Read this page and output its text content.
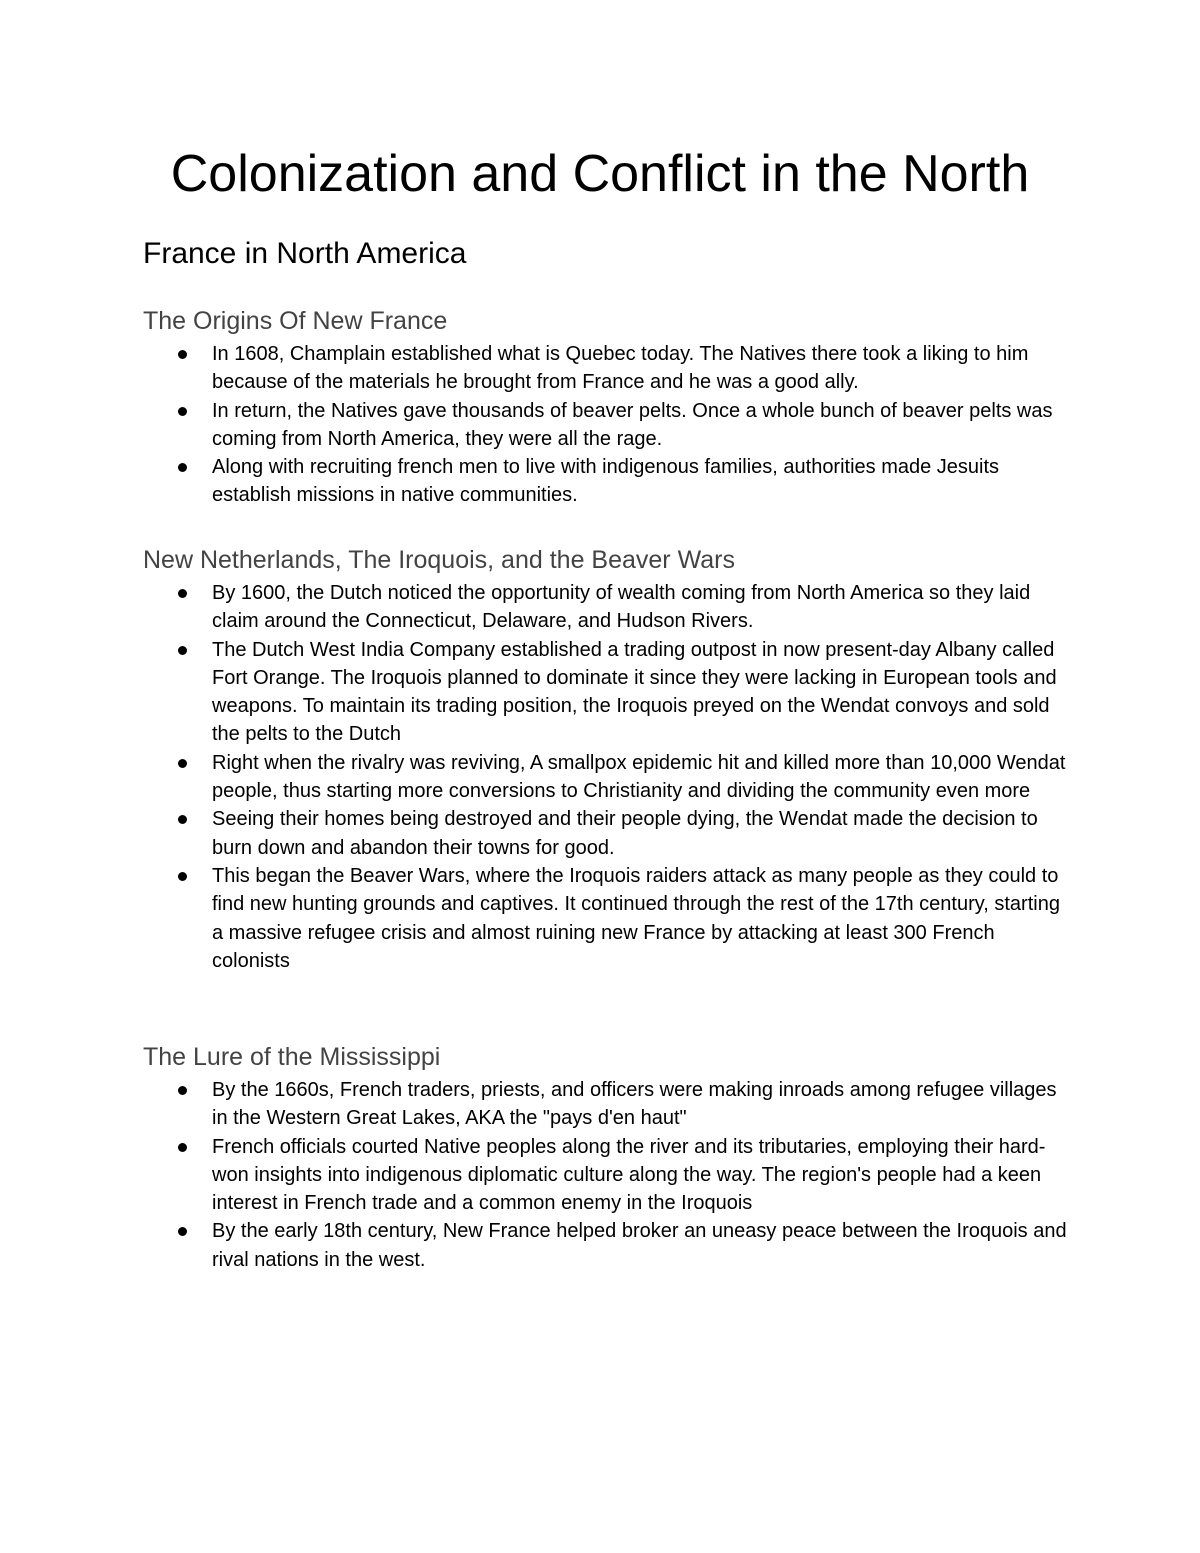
Colonization and Conflict in the North
France in North America
The Origins Of New France
In 1608, Champlain established what is Quebec today. The Natives there took a liking to him because of the materials he brought from France and he was a good ally.
In return, the Natives gave thousands of beaver pelts. Once a whole bunch of beaver pelts was coming from North America, they were all the rage.
Along with recruiting french men to live with indigenous families, authorities made Jesuits establish missions in native communities.
New Netherlands, The Iroquois, and the Beaver Wars
By 1600, the Dutch noticed the opportunity of wealth coming from North America so they laid claim around the Connecticut, Delaware, and Hudson Rivers.
The Dutch West India Company established a trading outpost in now present-day Albany called Fort Orange. The Iroquois planned to dominate it since they were lacking in European tools and weapons. To maintain its trading position, the Iroquois preyed on the Wendat convoys and sold the pelts to the Dutch
Right when the rivalry was reviving, A smallpox epidemic hit and killed more than 10,000 Wendat people, thus starting more conversions to Christianity and dividing the community even more
Seeing their homes being destroyed and their people dying, the Wendat made the decision to burn down and abandon their towns for good.
This began the Beaver Wars, where the Iroquois raiders attack as many people as they could to find new hunting grounds and captives. It continued through the rest of the 17th century, starting a massive refugee crisis and almost ruining new France by attacking at least 300 French colonists
The Lure of the Mississippi
By the 1660s, French traders, priests, and officers were making inroads among refugee villages in the Western Great Lakes, AKA the "pays d'en haut"
French officials courted Native peoples along the river and its tributaries, employing their hard-won insights into indigenous diplomatic culture along the way. The region's people had a keen interest in French trade and a common enemy in the Iroquois
By the early 18th century, New France helped broker an uneasy peace between the Iroquois and rival nations in the west.
